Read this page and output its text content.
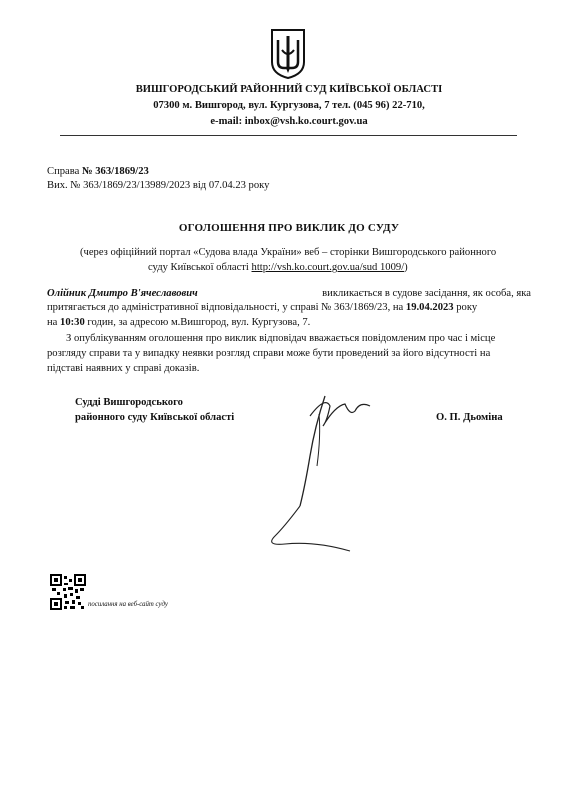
ВИШГОРОДСЬКИЙ РАЙОННИЙ СУД КИЇВСЬКОЇ ОБЛАСТІ
07300 м. Вишгород, вул. Кургузова, 7 тел. (045 96) 22-710,
e-mail: inbox@vsh.ko.court.gov.ua
Справа № 363/1869/23
Вих. № 363/1869/23/13989/2023 від 07.04.23 року
ОГОЛОШЕННЯ ПРО ВИКЛИК ДО СУДУ
(через офіційний портал «Судова влада України» веб – сторінки Вишгородського районного
суду Київської області http://vsh.ko.court.gov.ua/sud 1009/)
Олійник Дмитро В'ячеславович	викликається в судове засідання, як особа, яка
притягається до адміністративної відповідальності, у справі № 363/1869/23, на 19.04.2023 року
на 10:30 годин, за адресою м.Вишгород, вул. Кургузова, 7.
З опублікуванням оголошення про виклик відповідач вважається повідомленим про час і місце
розгляду справи та у випадку неявки розгляд справи може бути проведений за його відсутності на
підставі наявних у справі доказів.
Судді Вишгородського
районного суду Київської області	О. П. Дьоміна
посилання на веб-сайт суду
